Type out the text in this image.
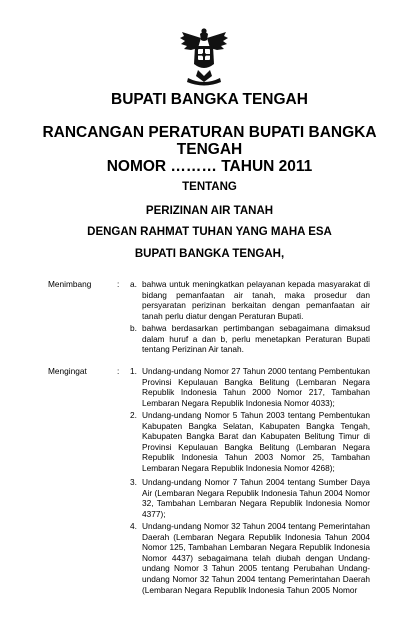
BUPATI BANGKA TENGAH
RANCANGAN PERATURAN BUPATI BANGKA
TENGAH
NOMOR ……… TAHUN 2011
TENTANG
PERIZINAN AIR TANAH
DENGAN RAHMAT TUHAN YANG MAHA ESA
BUPATI BANGKA TENGAH,
Menimbang	: a. bahwa untuk meningkatkan pelayanan kepada masyarakat di bidang pemanfaatan air tanah, maka prosedur dan persyaratan perizinan berkaitan dengan pemanfaatan air tanah perlu diatur dengan Peraturan Bupati.

b. bahwa berdasarkan pertimbangan sebagaimana dimaksud dalam huruf a dan b, perlu menetapkan Peraturan Bupati tentang Perizinan Air tanah.

Mengingat	: 1. Undang-undang Nomor 27 Tahun 2000 tentang Pembentukan Provinsi Kepulauan Bangka Belitung (Lembaran Negara Republik Indonesia Tahun 2000 Nomor 217, Tambahan Lembaran Negara Republik Indonesia Nomor 4033);

2. Undang-undang Nomor 5 Tahun 2003 tentang Pembentukan Kabupaten Bangka Selatan, Kabupaten Bangka Tengah, Kabupaten Bangka Barat dan Kabupaten Belitung Timur di Provinsi Kepulauan Bangka Belitung (Lembaran Negara Republik Indonesia Tahun 2003 Nomor 25, Tambahan Lembaran Negara Republik Indonesia Nomor 4268);

3. Undang-undang Nomor 7 Tahun 2004 tentang Sumber Daya Air (Lembaran Negara Republik Indonesia Tahun 2004 Nomor 32, Tambahan Lembaran Negara Republik Indonesia Nomor 4377);

4. Undang-undang Nomor 32 Tahun 2004 tentang Pemerintahan Daerah (Lembaran Negara Republik Indonesia Tahun 2004 Nomor 125, Tambahan Lembaran Negara Republik Indonesia Nomor 4437) sebagaimana telah diubah dengan Undang-undang Nomor 3 Tahun 2005 tentang Perubahan Undang-undang Nomor 32 Tahun 2004 tentang Pemerintahan Daerah (Lembaran Negara Republik Indonesia Tahun 2005 Nomor
